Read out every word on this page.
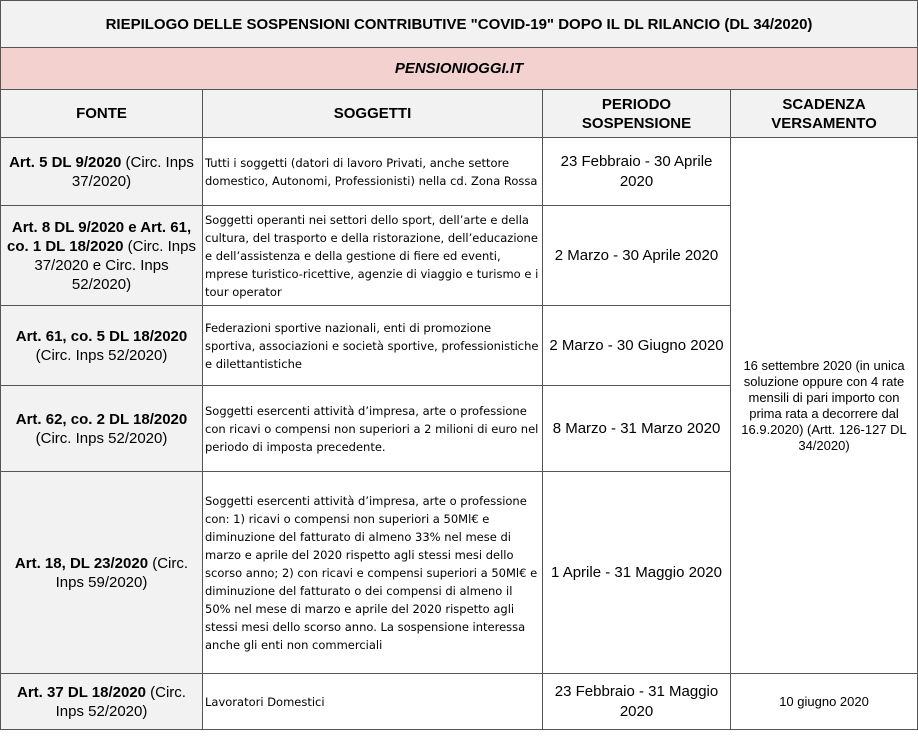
RIEPILOGO DELLE SOSPENSIONI CONTRIBUTIVE "COVID-19" DOPO IL DL RILANCIO (DL 34/2020)			
PENSIONIOGGI.IT			
FONTE	SOGGETTI	PERIODO SOSPENSIONE	SCADENZA VERSAMENTO
Art. 5 DL 9/2020 (Circ. Inps 37/2020)	Tutti i soggetti (datori di lavoro Privati, anche settore domestico, Autonomi, Professionisti) nella cd. Zona Rossa	23 Febbraio - 30 Aprile 2020	16 settembre 2020 (in unica soluzione oppure con 4 rate mensili di pari importo con prima rata a decorrere dal 16.9.2020) (Artt. 126-127 DL 34/2020)
Art. 8 DL 9/2020 e Art. 61, co. 1 DL 18/2020 (Circ. Inps 37/2020 e Circ. Inps 52/2020)	Soggetti operanti nei settori dello sport, dell’arte e della cultura, del trasporto e della ristorazione, dell’educazione e dell’assistenza e della gestione di fiere ed eventi, mprese turistico-ricettive, agenzie di viaggio e turismo e i tour operator	2 Marzo - 30 Aprile 2020	
Art. 61, co. 5 DL 18/2020 (Circ. Inps 52/2020)	Federazioni sportive nazionali, enti di promozione sportiva, associazioni e società sportive, professionistiche e dilettantistiche	2 Marzo - 30 Giugno 2020	
Art. 62, co. 2 DL 18/2020 (Circ. Inps 52/2020)	Soggetti esercenti attività d’impresa, arte o professione con ricavi o compensi non superiori a 2 milioni di euro nel periodo di imposta precedente.	8 Marzo - 31 Marzo 2020	
Art. 18, DL 23/2020 (Circ. Inps 59/2020)	Soggetti esercenti attività d’impresa, arte o professione con: 1) ricavi o compensi non superiori a 50Ml€ e diminuzione del fatturato di almeno 33% nel mese di marzo e aprile del 2020 rispetto agli stessi mesi dello scorso anno; 2) con ricavi e compensi superiori a 50Ml€ e diminuzione del fatturato o dei compensi di almeno il 50% nel mese di marzo e aprile del 2020 rispetto agli stessi mesi dello scorso anno. La sospensione interessa anche gli enti non commerciali	1 Aprile - 31 Maggio 2020	
Art. 37 DL 18/2020 (Circ. Inps 52/2020)	Lavoratori Domestici	23 Febbraio - 31 Maggio 2020	10 giugno 2020
